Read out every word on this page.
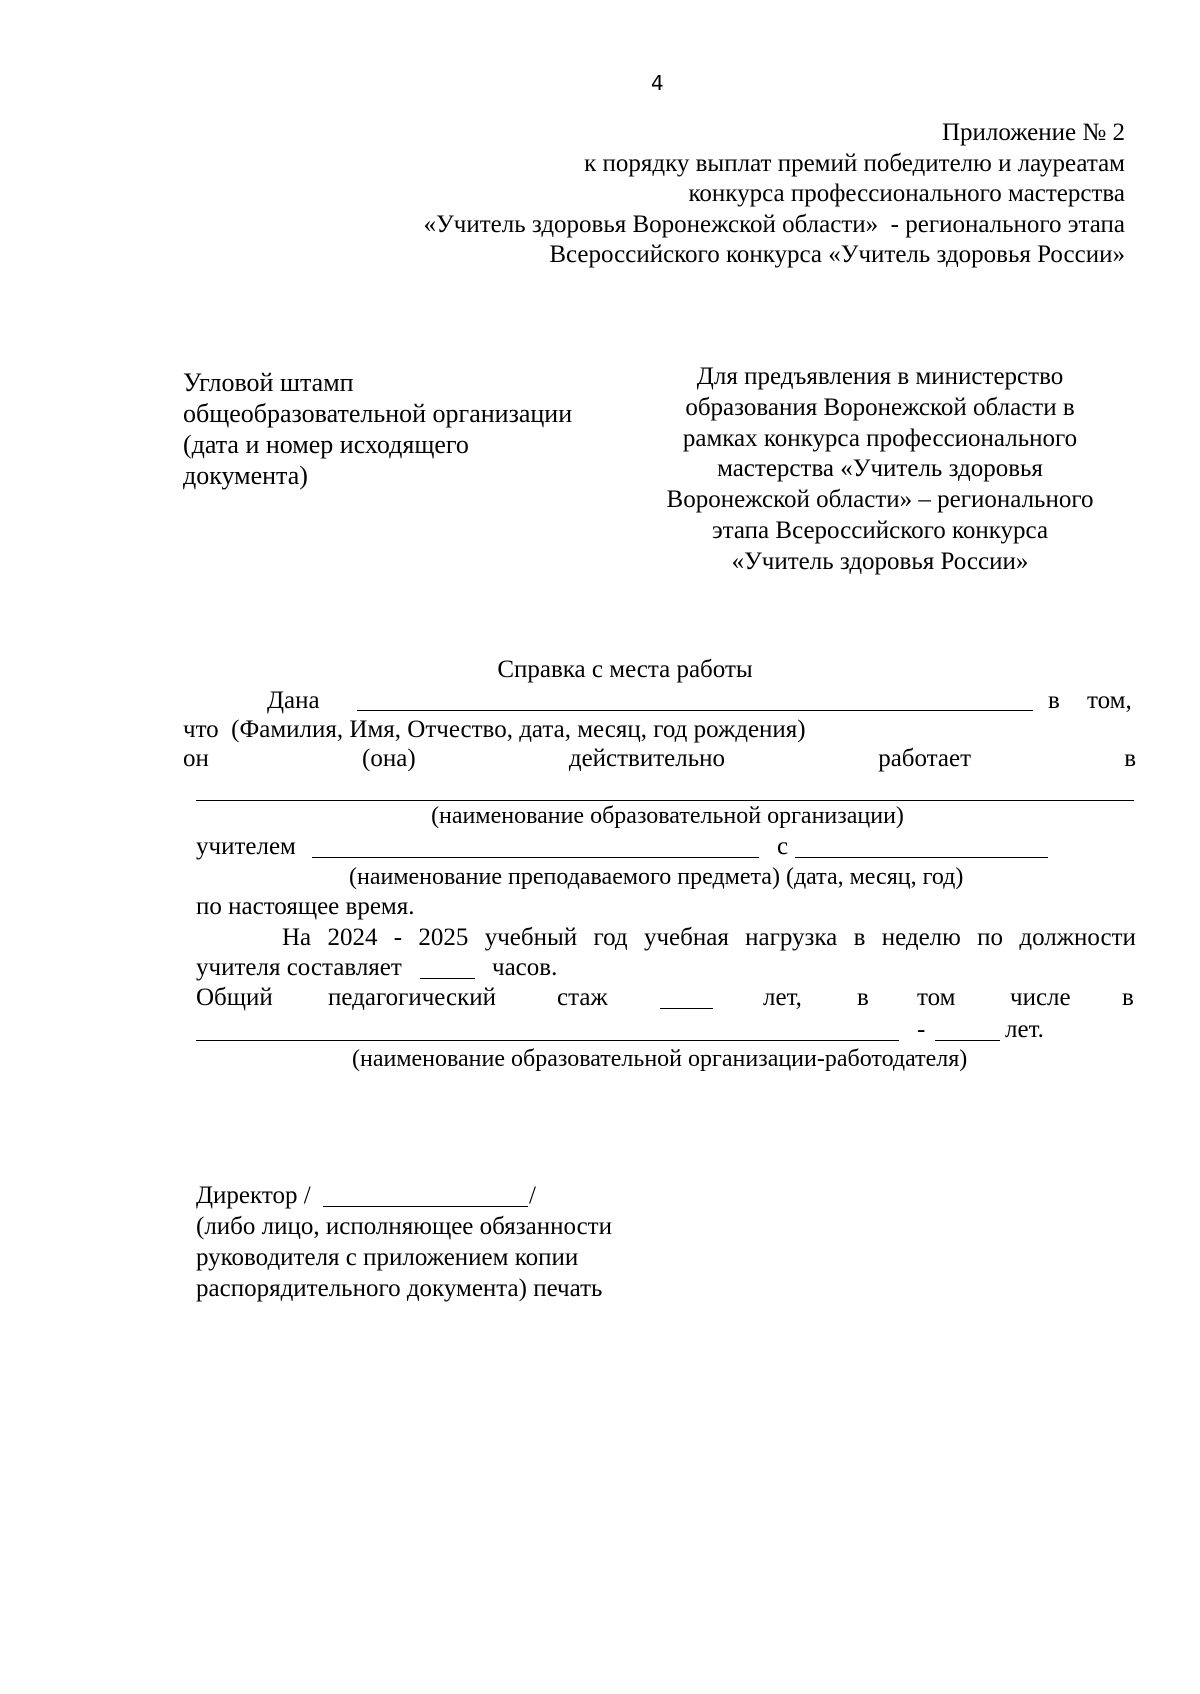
4
Приложение № 2
к порядку выплат премий победителю и лауреатам
конкурса профессионального мастерства
«Учитель здоровья Воронежской области»  - регионального этапа
Всероссийского конкурса «Учитель здоровья России»
Угловой штамп
общеобразовательной организации
(дата и номер исходящего
документа)
Для предъявления в министерство
образования Воронежской области в
рамках конкурса профессионального
мастерства «Учитель здоровья
Воронежской области» – регионального
этапа Всероссийского конкурса
«Учитель здоровья России»
Справка с места работы
Дана	в том,
что  (Фамилия, Имя, Отчество, дата, месяц, год рождения)
он	(она)	действительно	работает	в
(наименование образовательной организации)
учителем	с
(наименование преподаваемого предмета) (дата, месяц, год)
по настоящее время.
На 2024 - 2025 учебный год учебная нагрузка в неделю по должности
учителя составляет	часов.
Общий педагогический стаж	лет, в том числе в
-	лет.
(наименование образовательной организации-работодателя)
Директор /	/
(либо лицо, исполняющее обязанности
руководителя с приложением копии
распорядительного документа) печать
